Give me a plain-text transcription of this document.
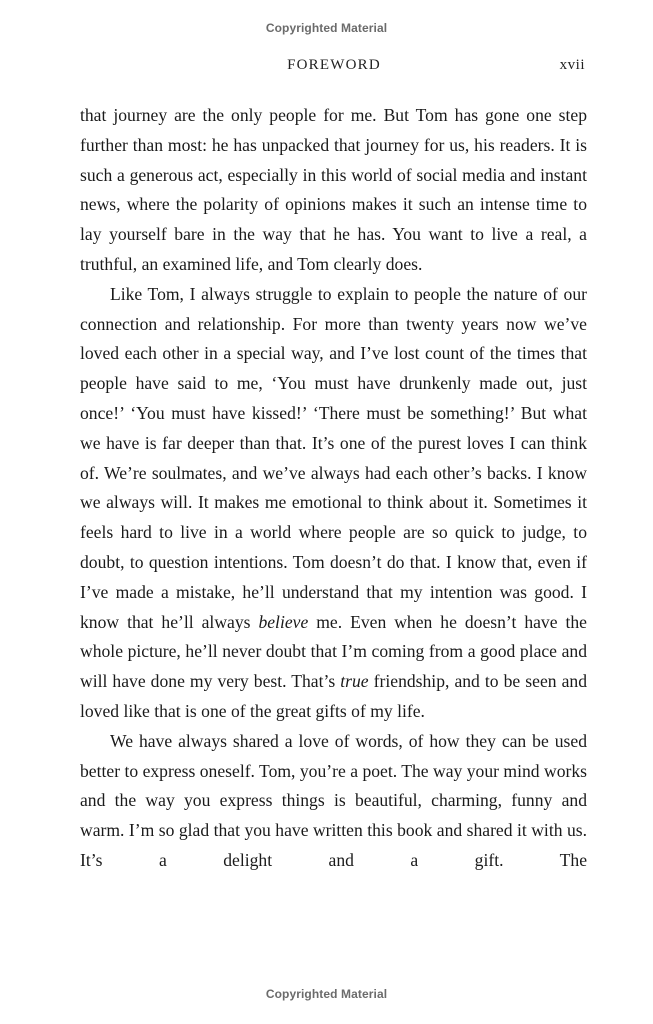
Copyrighted Material
FOREWORD	xvii

that journey are the only people for me. But Tom has gone one step further than most: he has unpacked that journey for us, his readers. It is such a generous act, especially in this world of social media and instant news, where the polarity of opinions makes it such an intense time to lay yourself bare in the way that he has. You want to live a real, a truthful, an examined life, and Tom clearly does.

Like Tom, I always struggle to explain to people the nature of our connection and relationship. For more than twenty years now we’ve loved each other in a special way, and I’ve lost count of the times that people have said to me, ‘You must have drunkenly made out, just once!’ ‘You must have kissed!’ ‘There must be something!’ But what we have is far deeper than that. It’s one of the purest loves I can think of. We’re soulmates, and we’ve always had each other’s backs. I know we always will. It makes me emotional to think about it. Sometimes it feels hard to live in a world where people are so quick to judge, to doubt, to question intentions. Tom doesn’t do that. I know that, even if I’ve made a mistake, he’ll understand that my intention was good. I know that he’ll always believe me. Even when he doesn’t have the whole picture, he’ll never doubt that I’m coming from a good place and will have done my very best. That’s true friendship, and to be seen and loved like that is one of the great gifts of my life.

We have always shared a love of words, of how they can be used better to express oneself. Tom, you’re a poet. The way your mind works and the way you express things is beautiful, charming, funny and warm. I’m so glad that you have written this book and shared it with us. It’s a delight and a gift. The

Copyrighted Material
